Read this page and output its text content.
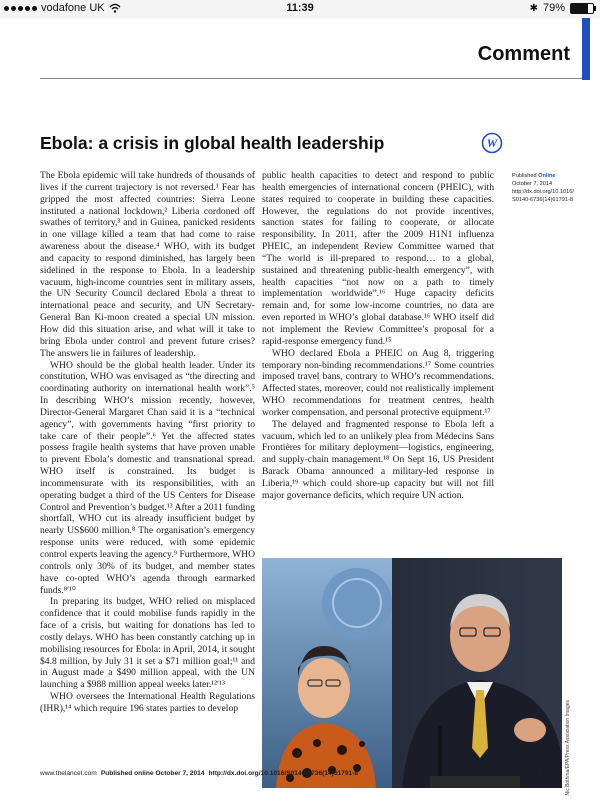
vodafone UK	11:39	✱ 79%
Comment
Ebola: a crisis in global health leadership	W
Published Online
October 7, 2014
http://dx.doi.org/10.1016/
S0140-6736(14)61791-8

The Ebola epidemic will take hundreds of thousands of lives if the current trajectory is not reversed.¹ Fear has gripped the most affected countries: Sierra Leone instituted a national lockdown,² Liberia cordoned off swathes of territory,³ and in Guinea, panicked residents in one village killed a team that had come to raise awareness about the disease.⁴ WHO, with its budget and capacity to respond diminished, has largely been sidelined in the response to Ebola. In a leadership vacuum, high-income countries sent in military assets, the UN Security Council declared Ebola a threat to international peace and security, and UN Secretary-General Ban Ki-moon created a special UN mission. How did this situation arise, and what will it take to bring Ebola under control and prevent future crises? The answers lie in failures of leadership.

WHO should be the global health leader. Under its constitution, WHO was envisaged as “the directing and coordinating authority on international health work”.⁵ In describing WHO’s mission recently, however, Director-General Margaret Chan said it is a “technical agency”, with governments having “first priority to take care of their people”.⁶ Yet the affected states possess fragile health systems that have proven unable to prevent Ebola’s domestic and transnational spread. WHO itself is constrained. Its budget is incommensurate with its responsibilities, with an operating budget a third of the US Centers for Disease Control and Prevention’s budget.¹³ After a 2011 funding shortfall, WHO cut its already insufficient budget by nearly US$600 million.⁸ The organisation’s emergency response units were reduced, with some epidemic control experts leaving the agency.⁹ Furthermore, WHO controls only 30% of its budget, and member states have co-opted WHO’s agenda through earmarked funds.⁸ʹ¹⁰

In preparing its budget, WHO relied on misplaced confidence that it could mobilise funds rapidly in the face of a crisis, but waiting for donations has led to costly delays. WHO has been constantly catching up in mobilising resources for Ebola: in April, 2014, it sought $4.8 million, by July 31 it set a $71 million goal;¹¹ and in August made a $490 million appeal, with the UN launching a $988 million appeal weeks later.¹²ʹ¹³

WHO oversees the International Health Regulations (IHR),¹⁴ which require 196 states parties to develop

public health capacities to detect and respond to public health emergencies of international concern (PHEIC), with states required to cooperate in building these capacities. However, the regulations do not provide incentives, sanction states for failing to cooperate, or allocate responsibility. In 2011, after the 2009 H1N1 influenza PHEIC, an independent Review Committee warned that “The world is ill-prepared to respond… to a global, sustained and threatening public-health emergency”, with health capacities “not now on a path to timely implementation worldwide”.¹⁶ Huge capacity deficits remain and, for some low-income countries, no data are even reported in WHO’s global database.¹⁶ WHO itself did not implement the Review Committee’s proposal for a rapid-response emergency fund.¹⁵

WHO declared Ebola a PHEIC on Aug 8, triggering temporary non-binding recommendations.¹⁷ Some countries imposed travel bans, contrary to WHO’s recommendations. Affected states, moreover, could not realistically implement WHO recommendations for treatment centres, health worker compensation, and personal protective equipment.¹⁷

The delayed and fragmented response to Ebola left a vacuum, which led to an unlikely plea from Médecins Sans Frontières for military deployment—logistics, engineering, and supply-chain management.¹⁸ On Sept 16, US President Barack Obama announced a military-led response in Liberia,¹⁹ which could shore-up capacity but will not fill major governance deficits, which require UN action.

Nic Bothma/EPA/Press Association Images
www.thelancet.com Published online October 7, 2014 http://dx.doi.org/10.1016/S0140-6736(14)61791-8	1
